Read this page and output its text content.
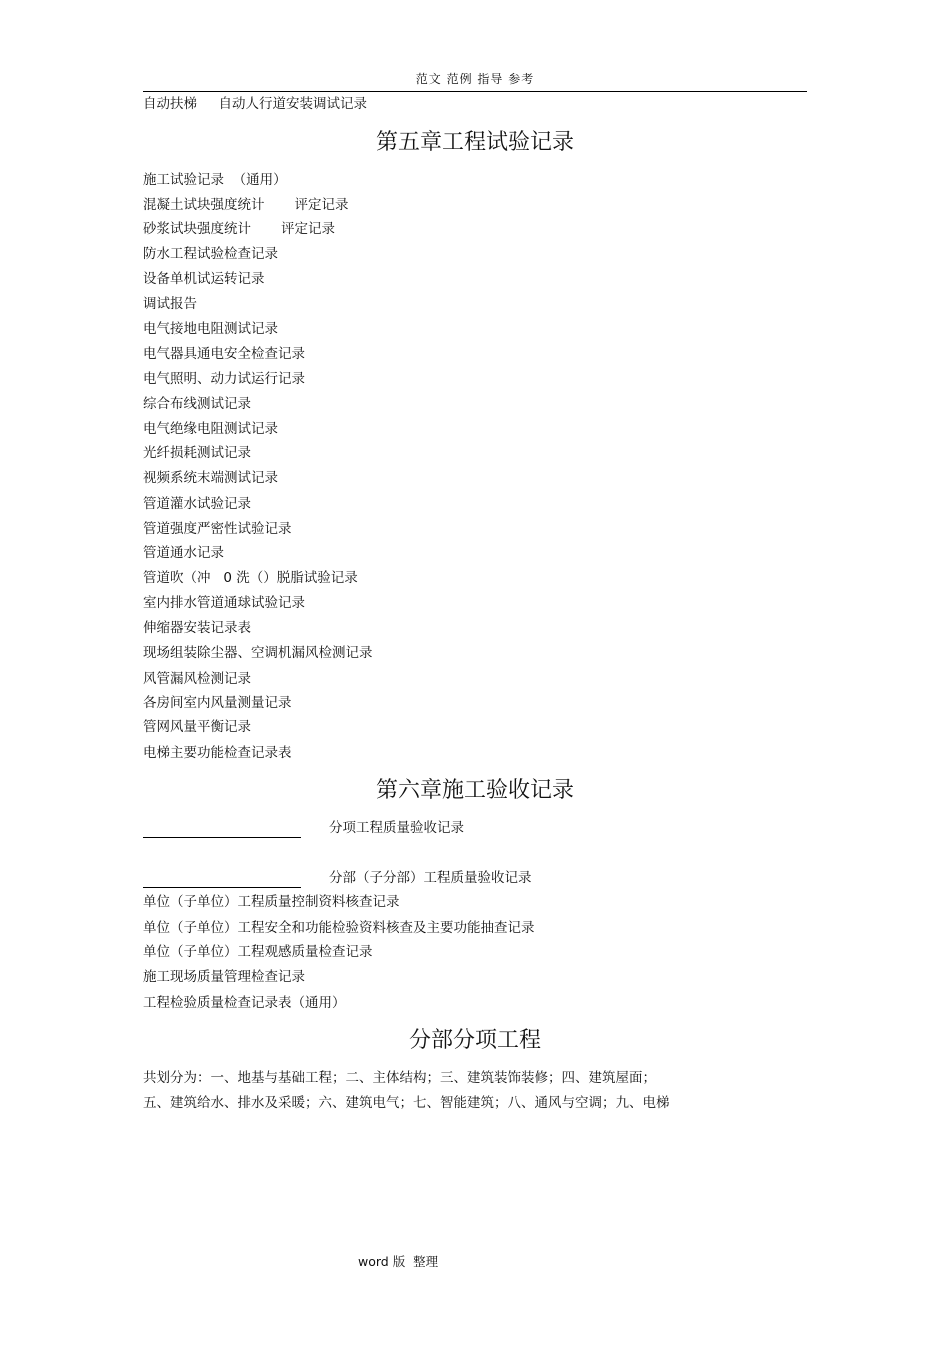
范文 范例 指导 参考
自动扶梯     自动人行道安装调试记录
第五章工程试验记录
施工试验记录  （通用）
混凝土试块强度统计       评定记录
砂浆试块强度统计       评定记录
防水工程试验检查记录
设备单机试运转记录
调试报告
电气接地电阻测试记录
电气器具通电安全检查记录
电气照明、动力试运行记录
综合布线测试记录
电气绝缘电阻测试记录
光纤损耗测试记录
视频系统末端测试记录
管道灌水试验记录
管道强度严密性试验记录
管道通水记录
管道吹（冲   0 洗（）脱脂试验记录
室内排水管道通球试验记录
伸缩器安装记录表
现场组装除尘器、空调机漏风检测记录
风管漏风检测记录
各房间室内风量测量记录
管网风量平衡记录
电梯主要功能检查记录表
第六章施工验收记录
分项工程质量验收记录
分部（子分部）工程质量验收记录
单位（子单位）工程质量控制资料核查记录
单位（子单位）工程安全和功能检验资料核查及主要功能抽查记录
单位（子单位）工程观感质量检查记录
施工现场质量管理检查记录
工程检验质量检查记录表（通用）
分部分项工程
共划分为：一、地基与基础工程；二、主体结构；三、建筑装饰装修；四、建筑屋面；
五、建筑给水、排水及采暖；六、建筑电气；七、智能建筑；八、通风与空调；九、电梯
word 版  整理
